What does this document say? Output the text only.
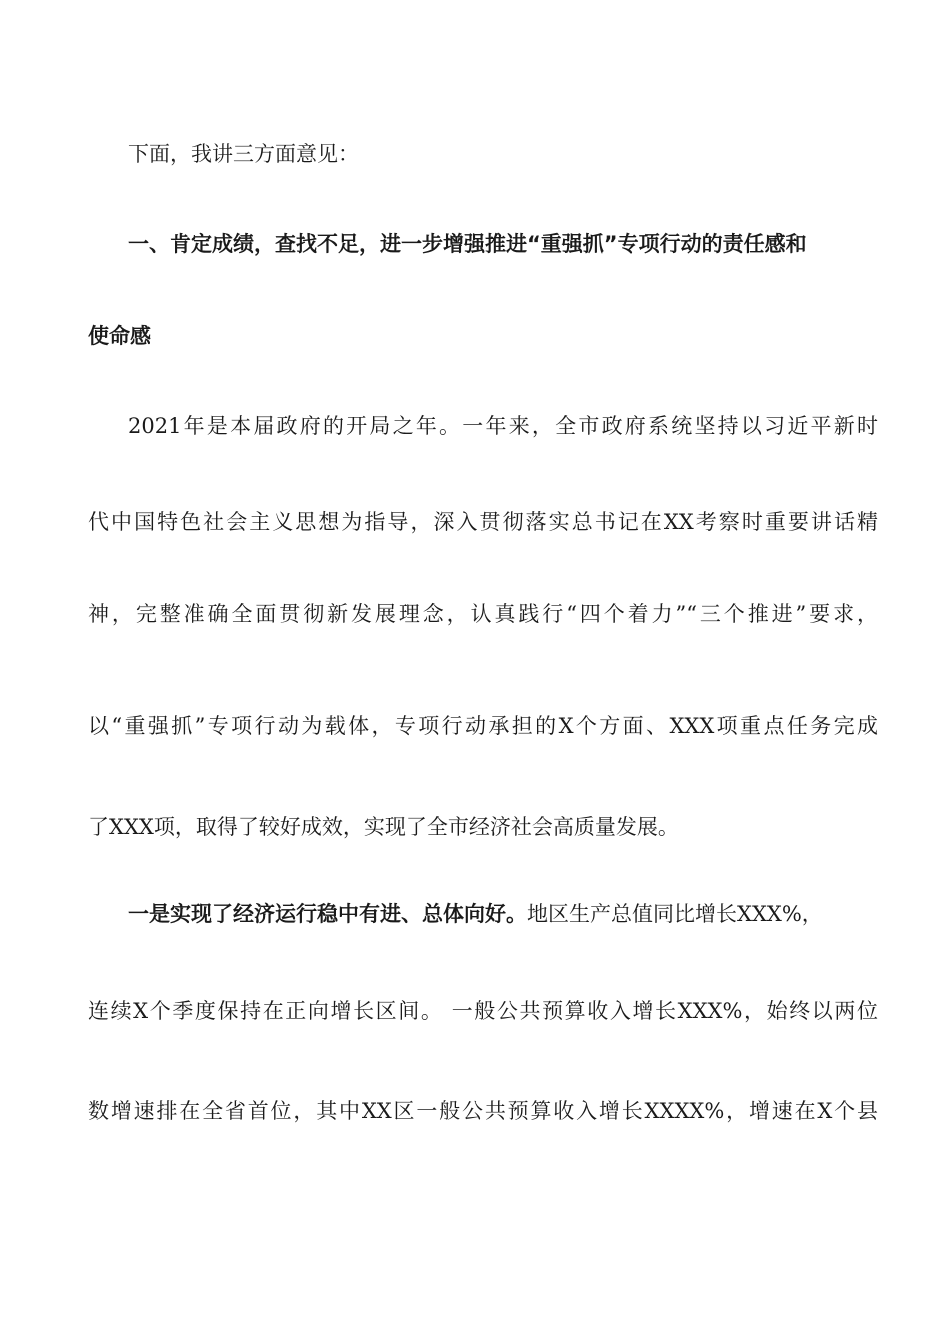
下面，我讲三方面意见：
一、肯定成绩，查找不足，进一步增强推进“重强抓”专项行动的责任感和
使命感
2021年是本届政府的开局之年。一年来，全市政府系统坚持以习近平新时
代中国特色社会主义思想为指导，深入贯彻落实总书记在XX考察时重要讲话精
神，完整准确全面贯彻新发展理念，认真践行“四个着力”“三个推进”要求，
以“重强抓”专项行动为载体，专项行动承担的X个方面、XXX项重点任务完成
了XXX项，取得了较好成效，实现了全市经济社会高质量发展。
一是实现了经济运行稳中有进、总体向好。地区生产总值同比增长XXX%，
连续X个季度保持在正向增长区间。 一般公共预算收入增长XXX%，始终以两位
数增速排在全省首位，其中XX区一般公共预算收入增长XXXX%，增速在X个县
